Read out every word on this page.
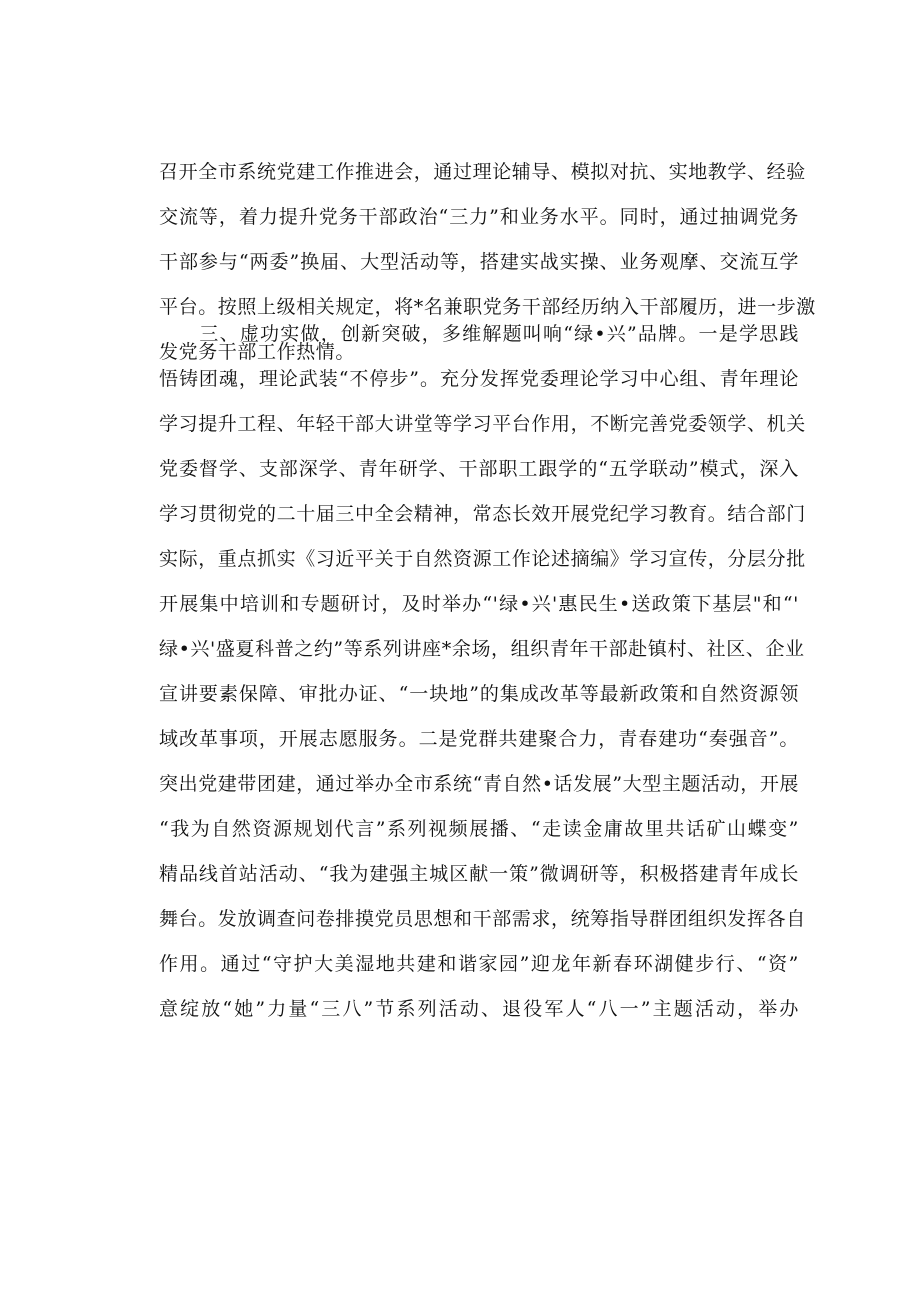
召开全市系统党建工作推进会，通过理论辅导、模拟对抗、实地教学、经验
交流等，着力提升党务干部政治“三力”和业务水平。同时，通过抽调党务
干部参与“两委”换届、大型活动等，搭建实战实操、业务观摩、交流互学
平台。按照上级相关规定，将*名兼职党务干部经历纳入干部履历，进一步激
发党务干部工作热情。
　　三、虚功实做，创新突破，多维解题叫响“绿•兴”品牌。一是学思践
悟铸团魂，理论武装“不停步”。充分发挥党委理论学习中心组、青年理论
学习提升工程、年轻干部大讲堂等学习平台作用，不断完善党委领学、机关
党委督学、支部深学、青年研学、干部职工跟学的“五学联动”模式，深入
学习贯彻党的二十届三中全会精神，常态长效开展党纪学习教育。结合部门
实际，重点抓实《习近平关于自然资源工作论述摘编》学习宣传，分层分批
开展集中培训和专题研讨，及时举办“'绿•兴'惠民生•送政策下基层"和“'
绿•兴'盛夏科普之约”等系列讲座*余场，组织青年干部赴镇村、社区、企业
宣讲要素保障、审批办证、“一块地”的集成改革等最新政策和自然资源领
域改革事项，开展志愿服务。二是党群共建聚合力，青春建功“奏强音”。
突出党建带团建，通过举办全市系统“青自然•话发展”大型主题活动，开展
“我为自然资源规划代言”系列视频展播、“走读金庸故里共话矿山蝶变”
精品线首站活动、“我为建强主城区献一策”微调研等，积极搭建青年成长
舞台。发放调查问卷排摸党员思想和干部需求，统筹指导群团组织发挥各自
作用。通过“守护大美湿地共建和谐家园”迎龙年新春环湖健步行、“资”
意绽放“她”力量“三八”节系列活动、退役军人“八一”主题活动，举办
